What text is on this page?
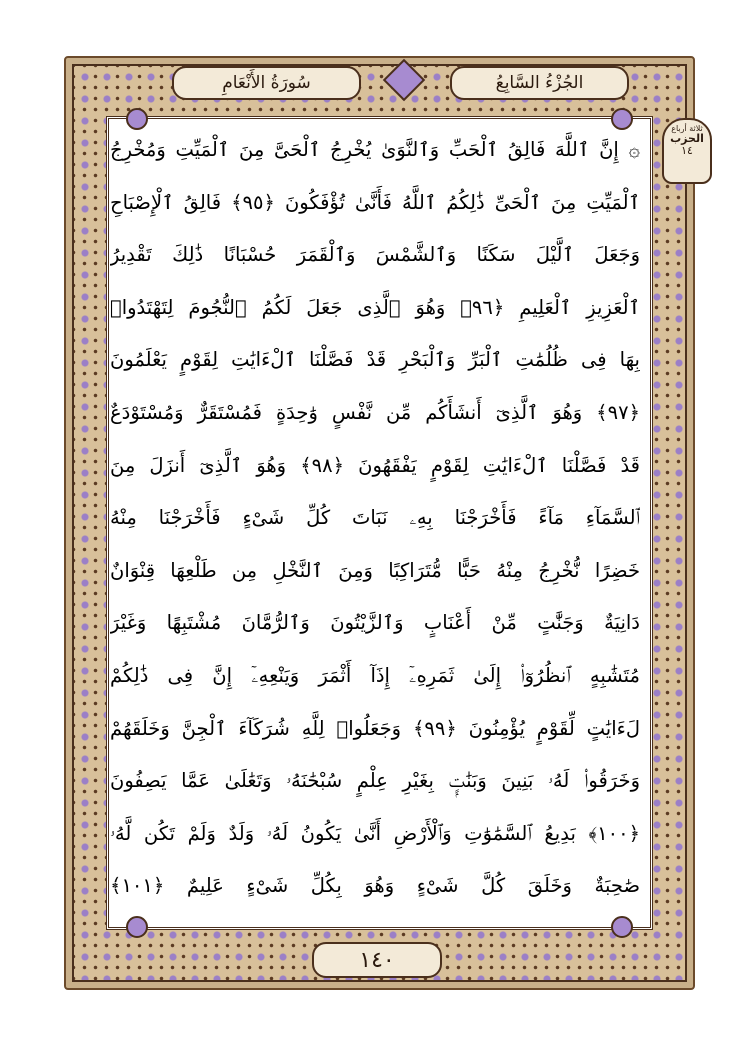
الجُزْءُ السَّابِعُ
سُورَةُ الأَنْعَامِ
ثلاثة أرباع
الحزب
١٤
۞ إِنَّ ٱللَّهَ فَالِقُ ٱلْحَبِّ وَٱلنَّوَىٰ يُخْرِجُ ٱلْحَىَّ مِنَ ٱلْمَيِّتِ وَمُخْرِجُ
ٱلْمَيِّتِ مِنَ ٱلْحَىِّ ذَٰلِكُمُ ٱللَّهُ فَأَنَّىٰ تُؤْفَكُونَ ﴿٩٥﴾ فَالِقُ ٱلْإِصْبَاحِ
وَجَعَلَ ٱلَّيْلَ سَكَنًا وَٱلشَّمْسَ وَٱلْقَمَرَ حُسْبَانًا ذَٰلِكَ تَقْدِيرُ
ٱلْعَزِيزِ ٱلْعَلِيمِ ﴿٩٦﴾ وَهُوَ ٱلَّذِى جَعَلَ لَكُمُ ٱلنُّجُومَ لِتَهْتَدُوا۟
بِهَا فِى ظُلُمَٰتِ ٱلْبَرِّ وَٱلْبَحْرِ قَدْ فَصَّلْنَا ٱلْءَايَٰتِ لِقَوْمٍ يَعْلَمُونَ
﴿٩٧﴾ وَهُوَ ٱلَّذِىٓ أَنشَأَكُم مِّن نَّفْسٍ وَٰحِدَةٍ فَمُسْتَقَرٌّ وَمُسْتَوْدَعٌ
قَدْ فَصَّلْنَا ٱلْءَايَٰتِ لِقَوْمٍ يَفْقَهُونَ ﴿٩٨﴾ وَهُوَ ٱلَّذِىٓ أَنزَلَ مِنَ
ٱلسَّمَآءِ مَآءً فَأَخْرَجْنَا بِهِۦ نَبَاتَ كُلِّ شَىْءٍ فَأَخْرَجْنَا مِنْهُ
خَضِرًا نُّخْرِجُ مِنْهُ حَبًّا مُّتَرَاكِبًا وَمِنَ ٱلنَّخْلِ مِن طَلْعِهَا قِنْوَانٌ
دَانِيَةٌ وَجَنَّٰتٍ مِّنْ أَعْنَابٍ وَٱلزَّيْتُونَ وَٱلرُّمَّانَ مُشْتَبِهًا وَغَيْرَ
مُتَشَٰبِهٍ ٱنظُرُوٓا۟ إِلَىٰ ثَمَرِهِۦٓ إِذَآ أَثْمَرَ وَيَنْعِهِۦٓ إِنَّ فِى ذَٰلِكُمْ
لَءَايَٰتٍ لِّقَوْمٍ يُؤْمِنُونَ ﴿٩٩﴾ وَجَعَلُوا۟ لِلَّهِ شُرَكَآءَ ٱلْجِنَّ وَخَلَقَهُمْ
وَخَرَقُوا۟ لَهُۥ بَنِينَ وَبَنَٰتٍۭ بِغَيْرِ عِلْمٍ سُبْحَٰنَهُۥ وَتَعَٰلَىٰ عَمَّا يَصِفُونَ
﴿١٠٠﴾ بَدِيعُ ٱلسَّمَٰوَٰتِ وَٱلْأَرْضِ أَنَّىٰ يَكُونُ لَهُۥ وَلَدٌ وَلَمْ تَكُن لَّهُۥ
صَٰحِبَةٌ وَخَلَقَ كُلَّ شَىْءٍ وَهُوَ بِكُلِّ شَىْءٍ عَلِيمٌ ﴿١٠١﴾
١٤٠
